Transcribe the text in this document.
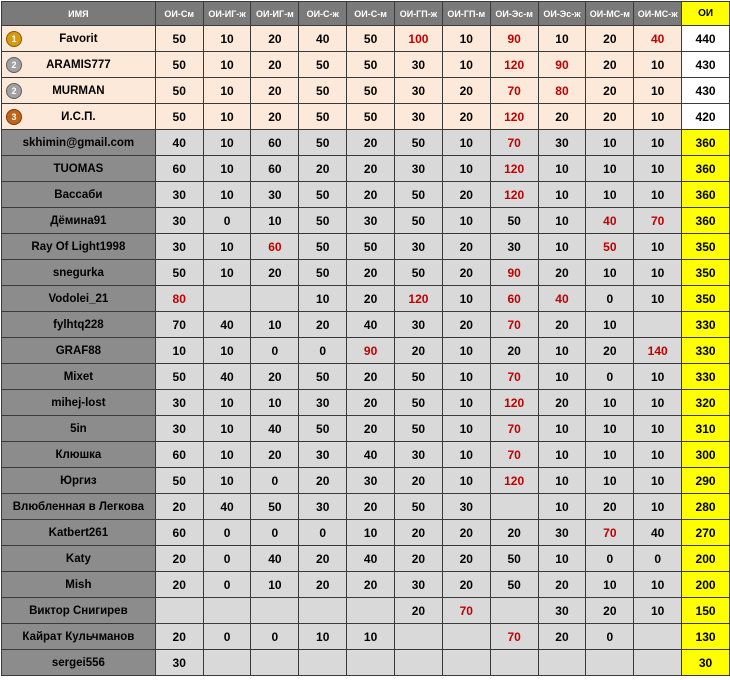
ИМЯ	ОИ-См	ОИ-ИГ-ж	ОИ-ИГ-м	ОИ-С-ж	ОИ-С-м	ОИ-ГП-ж	ОИ-ГП-м	ОИ-Эс-м	ОИ-Эс-ж	ОИ-МС-м	ОИ-МС-ж	ОИ

1 Favorit	50	10	20	40	50	100	10	90	10	20	40	440

2 ARAMIS777	50	10	20	50	50	30	10	120	90	20	10	430

2 MURMAN	50	10	20	50	50	30	20	70	80	20	10	430

3 И.С.П.	50	10	20	50	50	30	20	120	20	20	10	420
skhimin@gmail.com	40	10	60	50	20	50	10	70	30	10	10	360
TUOMAS	60	10	60	20	20	30	10	120	10	10	10	360
Вассаби	30	10	30	50	20	50	20	120	10	10	10	360
Дёмина91	30	0	10	50	30	50	10	50	10	40	70	360
Ray Of Light1998	30	10	60	50	50	30	20	30	10	50	10	350
snegurka	50	10	20	50	20	50	20	90	20	10	10	350
Vodolei_21	80			10	20	120	10	60	40	0	10	350
fylhtq228	70	40	10	20	40	30	20	70	20	10		330
GRAF88	10	10	0	0	90	20	10	20	10	20	140	330
Mixet	50	40	20	50	20	50	10	70	10	0	10	330
mihej-lost	30	10	10	30	20	50	10	120	20	10	10	320
5in	30	10	40	50	20	50	10	70	10	10	10	310
Клюшка	60	10	20	30	40	30	10	70	10	10	10	300
Юргиз	50	10	0	20	30	20	10	120	10	10	10	290
Влюбленная в Легкова	20	40	50	30	20	50	30		10	20	10	280
Katbert261	60	0	0	0	10	20	20	20	30	70	40	270
Katy	20	0	40	20	40	20	20	50	10	0	0	200
Mish	20	0	10	20	20	30	20	50	20	10	10	200
Виктор Снигирев						20	70		30	20	10	150
Кайрат Кульчманов	20	0	0	10	10			70	20	0		130
sergei556	30											30
